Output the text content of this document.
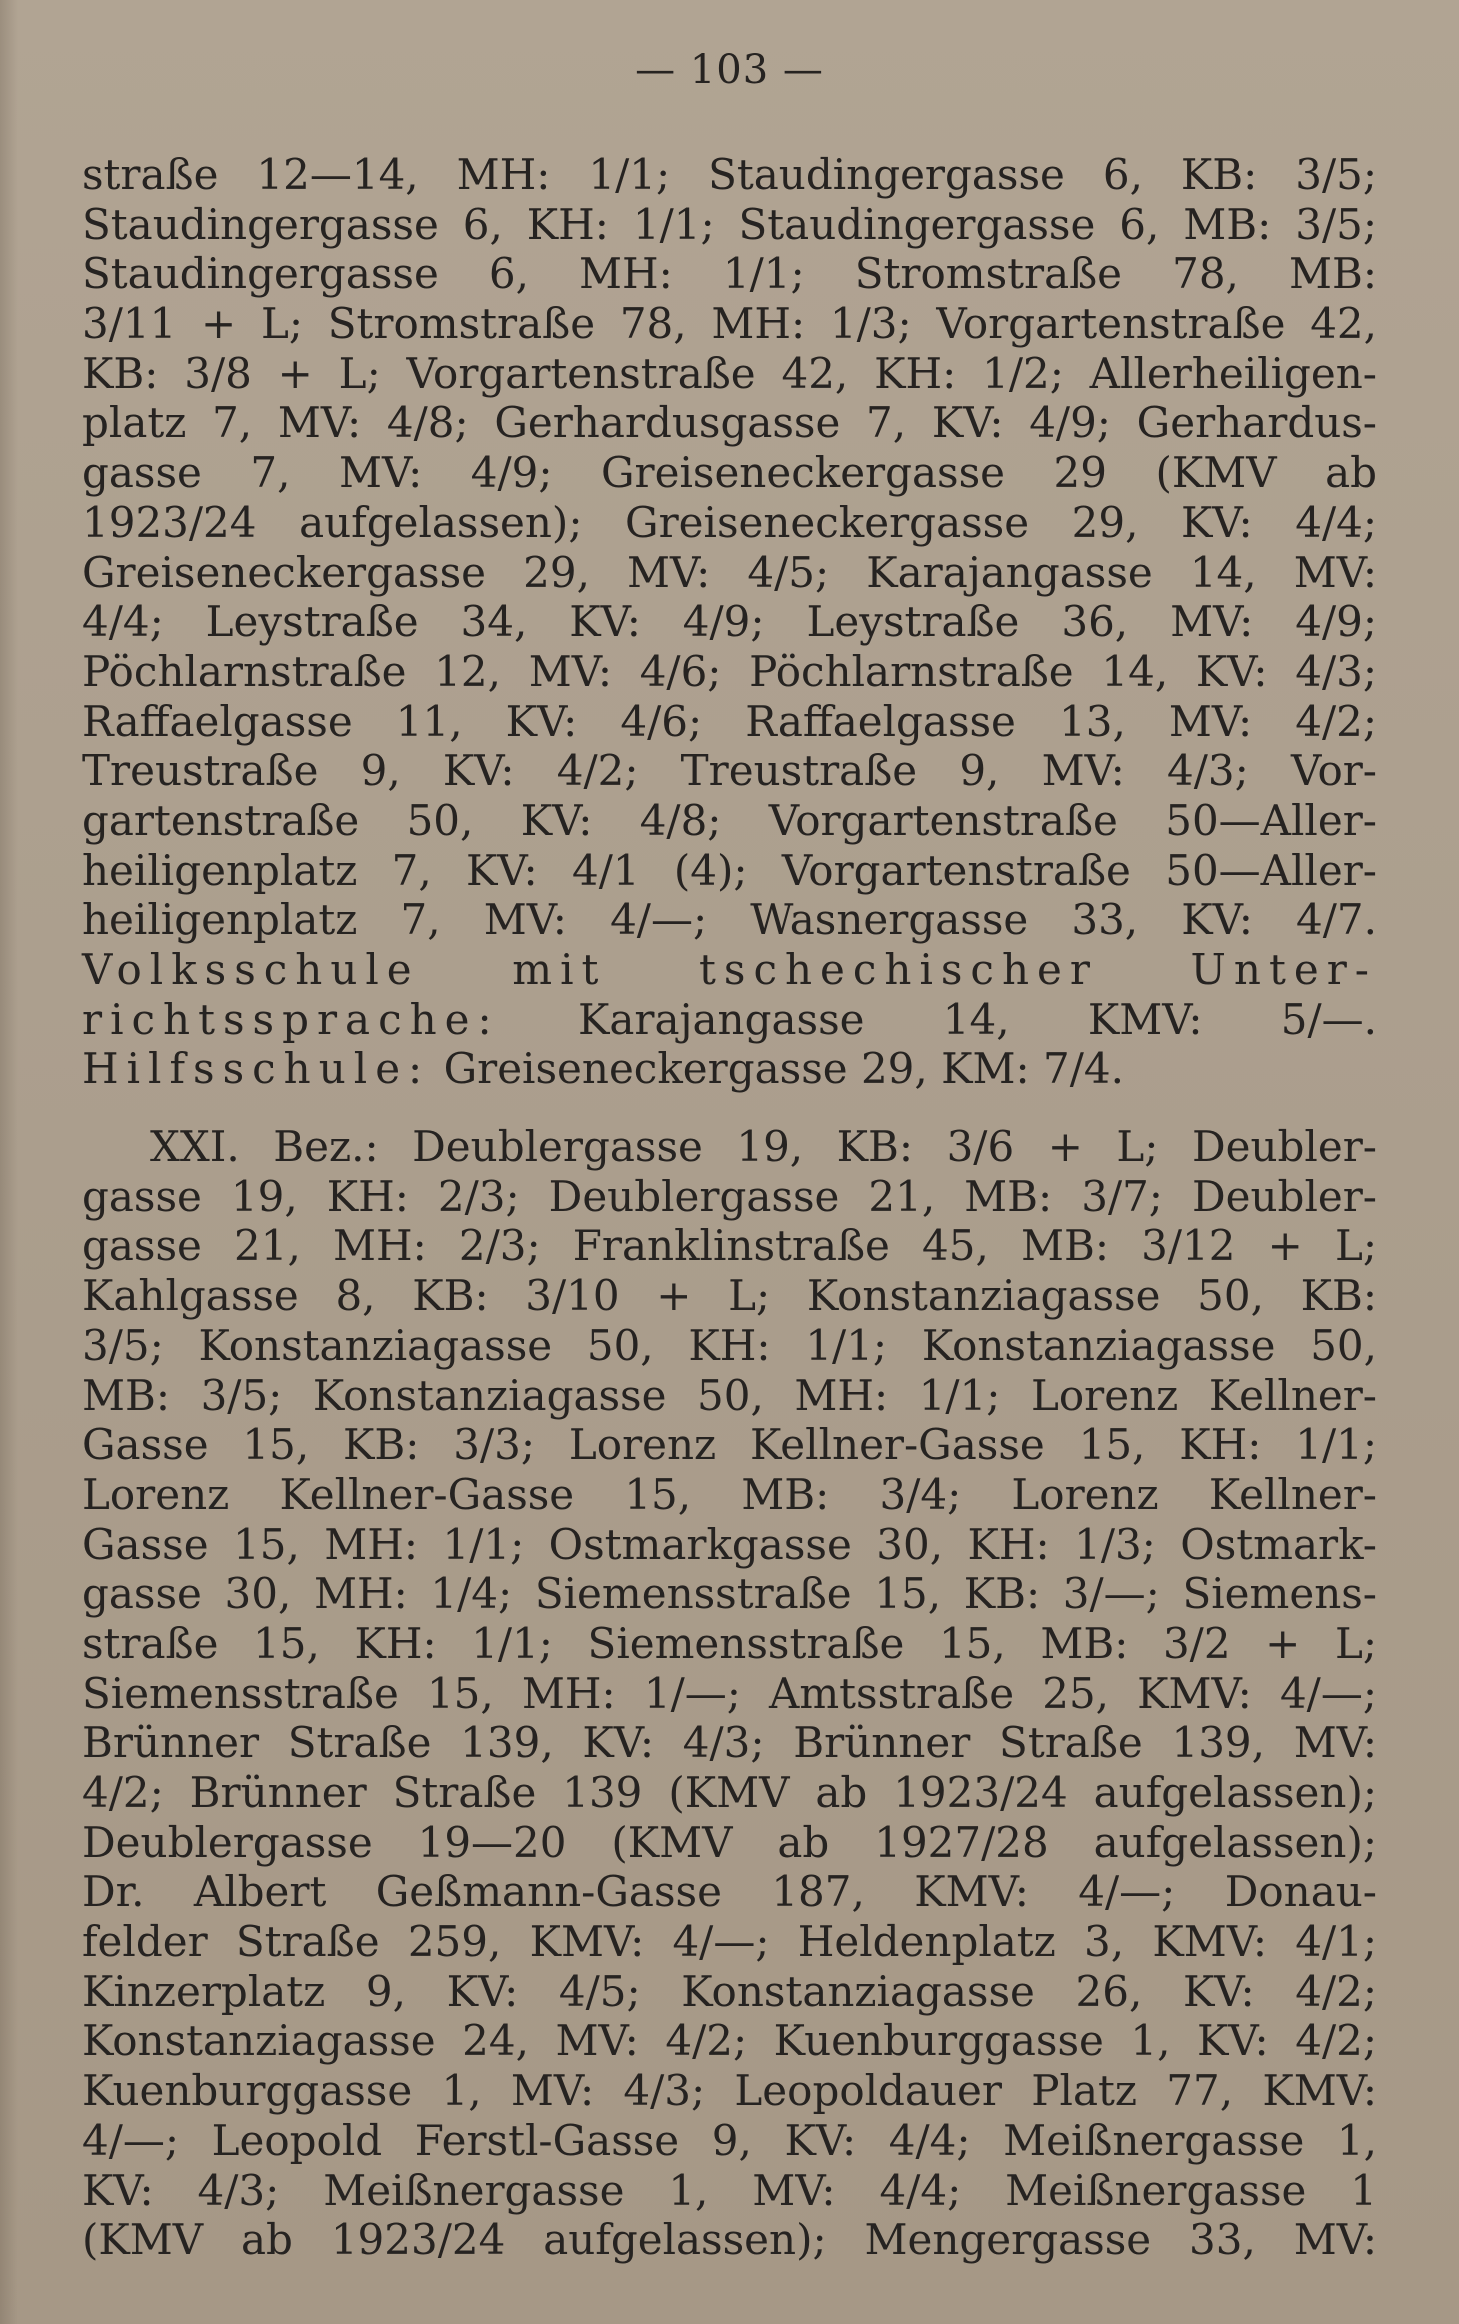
— 103 —
straße 12—14, MH: 1/1; Staudingergasse 6, KB: 3/5;
Staudingergasse 6, KH: 1/1; Staudingergasse 6, MB: 3/5;
Staudingergasse 6, MH: 1/1; Stromstraße 78, MB:
3/11 + L; Stromstraße 78, MH: 1/3; Vorgartenstraße 42,
KB: 3/8 + L; Vorgartenstraße 42, KH: 1/2; Allerheiligen-
platz 7, MV: 4/8; Gerhardusgasse 7, KV: 4/9; Gerhardus-
gasse 7, MV: 4/9; Greiseneckergasse 29 (KMV ab
1923/24 aufgelassen); Greiseneckergasse 29, KV: 4/4;
Greiseneckergasse 29, MV: 4/5; Karajangasse 14, MV:
4/4; Leystraße 34, KV: 4/9; Leystraße 36, MV: 4/9;
Pöchlarnstraße 12, MV: 4/6; Pöchlarnstraße 14, KV: 4/3;
Raffaelgasse 11, KV: 4/6; Raffaelgasse 13, MV: 4/2;
Treustraße 9, KV: 4/2; Treustraße 9, MV: 4/3; Vor-
gartenstraße 50, KV: 4/8; Vorgartenstraße 50—Aller-
heiligenplatz 7, KV: 4/1 (4); Vorgartenstraße 50—Aller-
heiligenplatz 7, MV: 4/—; Wasnergasse 33, KV: 4/7.
Volksschule mit tschechischer Unter-
richtssprache: Karajangasse 14, KMV: 5/—.
Hilfsschule: Greiseneckergasse 29, KM: 7/4.
XXI. Bez.: Deublergasse 19, KB: 3/6 + L; Deubler-
gasse 19, KH: 2/3; Deublergasse 21, MB: 3/7; Deubler-
gasse 21, MH: 2/3; Franklinstraße 45, MB: 3/12 + L;
Kahlgasse 8, KB: 3/10 + L; Konstanziagasse 50, KB:
3/5; Konstanziagasse 50, KH: 1/1; Konstanziagasse 50,
MB: 3/5; Konstanziagasse 50, MH: 1/1; Lorenz Kellner-
Gasse 15, KB: 3/3; Lorenz Kellner-Gasse 15, KH: 1/1;
Lorenz Kellner-Gasse 15, MB: 3/4; Lorenz Kellner-
Gasse 15, MH: 1/1; Ostmarkgasse 30, KH: 1/3; Ostmark-
gasse 30, MH: 1/4; Siemensstraße 15, KB: 3/—; Siemens-
straße 15, KH: 1/1; Siemensstraße 15, MB: 3/2 + L;
Siemensstraße 15, MH: 1/—; Amtsstraße 25, KMV: 4/—;
Brünner Straße 139, KV: 4/3; Brünner Straße 139, MV:
4/2; Brünner Straße 139 (KMV ab 1923/24 aufgelassen);
Deublergasse 19—20 (KMV ab 1927/28 aufgelassen);
Dr. Albert Geßmann-Gasse 187, KMV: 4/—; Donau-
felder Straße 259, KMV: 4/—; Heldenplatz 3, KMV: 4/1;
Kinzerplatz 9, KV: 4/5; Konstanziagasse 26, KV: 4/2;
Konstanziagasse 24, MV: 4/2; Kuenburggasse 1, KV: 4/2;
Kuenburggasse 1, MV: 4/3; Leopoldauer Platz 77, KMV:
4/—; Leopold Ferstl-Gasse 9, KV: 4/4; Meißnergasse 1,
KV: 4/3; Meißnergasse 1, MV: 4/4; Meißnergasse 1
(KMV ab 1923/24 aufgelassen); Mengergasse 33, MV:
